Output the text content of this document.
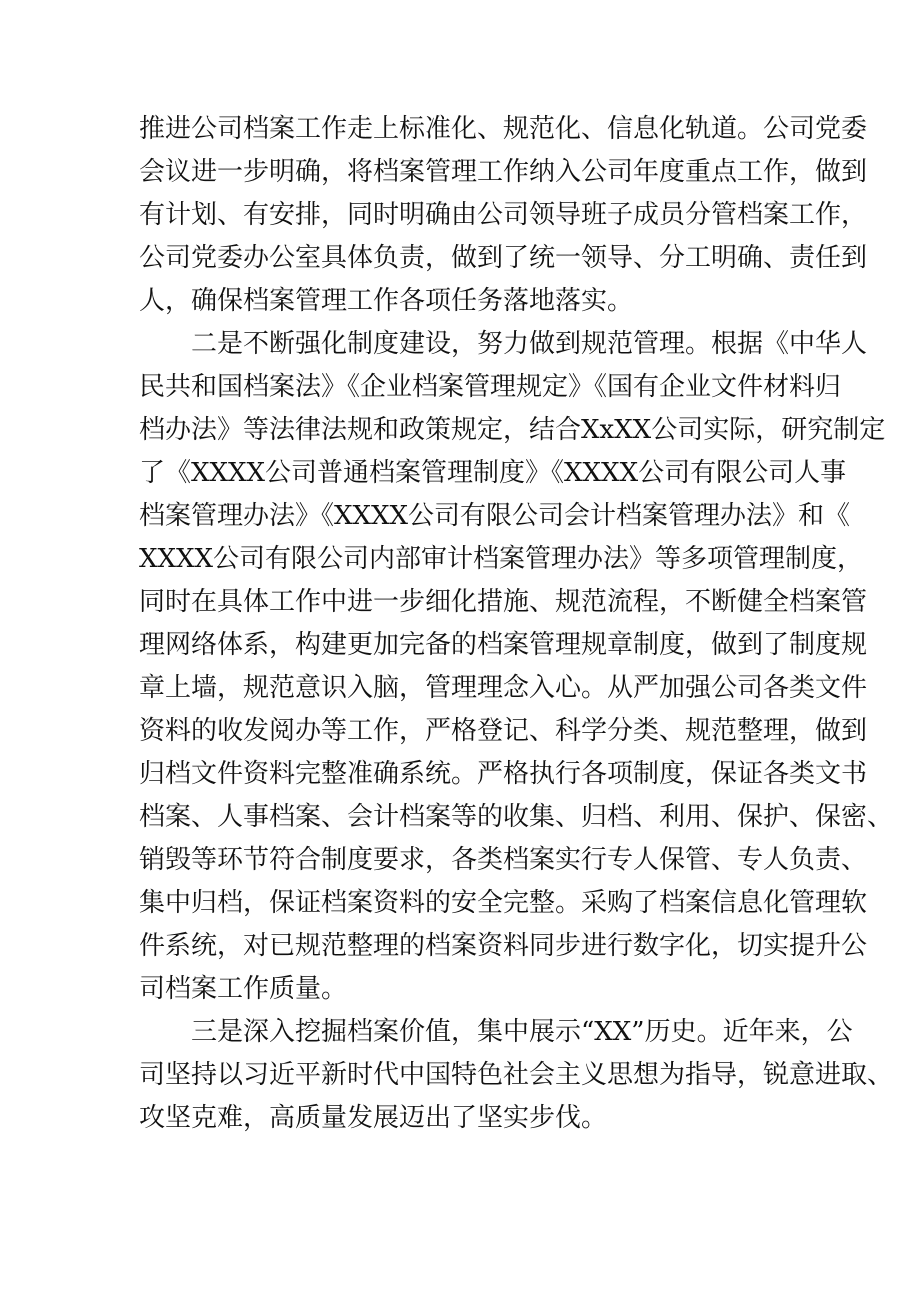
推进公司档案工作走上标准化、规范化、信息化轨道。公司党委
会议进一步明确，将档案管理工作纳入公司年度重点工作，做到
有计划、有安排，同时明确由公司领导班子成员分管档案工作，
公司党委办公室具体负责，做到了统一领导、分工明确、责任到
人，确保档案管理工作各项任务落地落实。
二是不断强化制度建设，努力做到规范管理。根据《中华人
民共和国档案法》《企业档案管理规定》《国有企业文件材料归
档办法》等法律法规和政策规定，结合XxXX公司实际，研究制定
了《XXXX公司普通档案管理制度》《XXXX公司有限公司人事
档案管理办法》《XXXX公司有限公司会计档案管理办法》和《
XXXX公司有限公司内部审计档案管理办法》等多项管理制度，
同时在具体工作中进一步细化措施、规范流程，不断健全档案管
理网络体系，构建更加完备的档案管理规章制度，做到了制度规
章上墙，规范意识入脑，管理理念入心。从严加强公司各类文件
资料的收发阅办等工作，严格登记、科学分类、规范整理，做到
归档文件资料完整准确系统。严格执行各项制度，保证各类文书
档案、人事档案、会计档案等的收集、归档、利用、保护、保密、
销毁等环节符合制度要求，各类档案实行专人保管、专人负责、
集中归档，保证档案资料的安全完整。采购了档案信息化管理软
件系统，对已规范整理的档案资料同步进行数字化，切实提升公
司档案工作质量。
三是深入挖掘档案价值，集中展示“XX”历史。近年来，公
司坚持以习近平新时代中国特色社会主义思想为指导，锐意进取、
攻坚克难，高质量发展迈出了坚实步伐。
